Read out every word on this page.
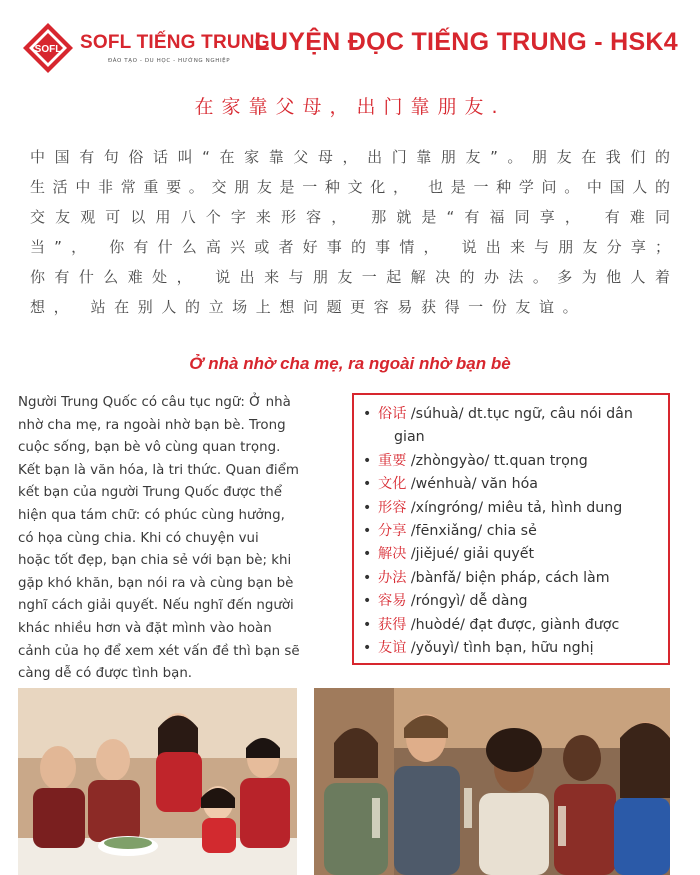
SOFL SOFL TIẾNG TRUNG
ĐÀO TẠO - DU HỌC - HƯỚNG NGHIỆP
LUYỆN ĐỌC TIẾNG TRUNG - HSK4
在家靠父母，出门靠朋友.
中国有句俗话叫“在家靠父母，出门靠朋友”。朋友在我们的
生活中非常重要。交朋友是一种文化， 也是一种学问。中国人的
交友观可以用八个字来形容， 那就是“有福同享， 有难同
当”， 你有什么高兴或者好事的事情， 说出来与朋友分享；
你有什么难处， 说出来与朋友一起解决的办法。多为他人着
想， 站在别人的立场上想问题更容易获得一份友谊。
Ở nhà nhờ cha mẹ, ra ngoài nhờ bạn bè
Người Trung Quốc có câu tục ngữ: Ở nhà
nhờ cha mẹ, ra ngoài nhờ bạn bè. Trong
cuộc sống, bạn bè vô cùng quan trọng.
Kết bạn là văn hóa, là tri thức. Quan điểm
kết bạn của người Trung Quốc được thể
hiện qua tám chữ: có phúc cùng hưởng,
có họa cùng chia. Khi có chuyện vui
hoặc tốt đẹp, bạn chia sẻ với bạn bè; khi
gặp khó khăn, bạn nói ra và cùng bạn bè
nghĩ cách giải quyết. Nếu nghĩ đến người
khác nhiều hơn và đặt mình vào hoàn
cảnh của họ để xem xét vấn đề thì bạn sẽ
càng dễ có được tình bạn.
• 俗话 /súhuà/ dt.tục ngữ, câu nói dân
gian
• 重要 /zhòngyào/ tt.quan trọng
• 文化 /wénhuà/ văn hóa
• 形容 /xíngróng/ miêu tả, hình dung
• 分享 /fēnxiǎng/ chia sẻ
• 解决 /jiějué/ giải quyết
• 办法 /bànfǎ/ biện pháp, cách làm
• 容易 /róngyì/ dễ dàng
• 获得 /huòdé/ đạt được, giành được
• 友谊 /yǒuyì/ tình bạn, hữu nghị
